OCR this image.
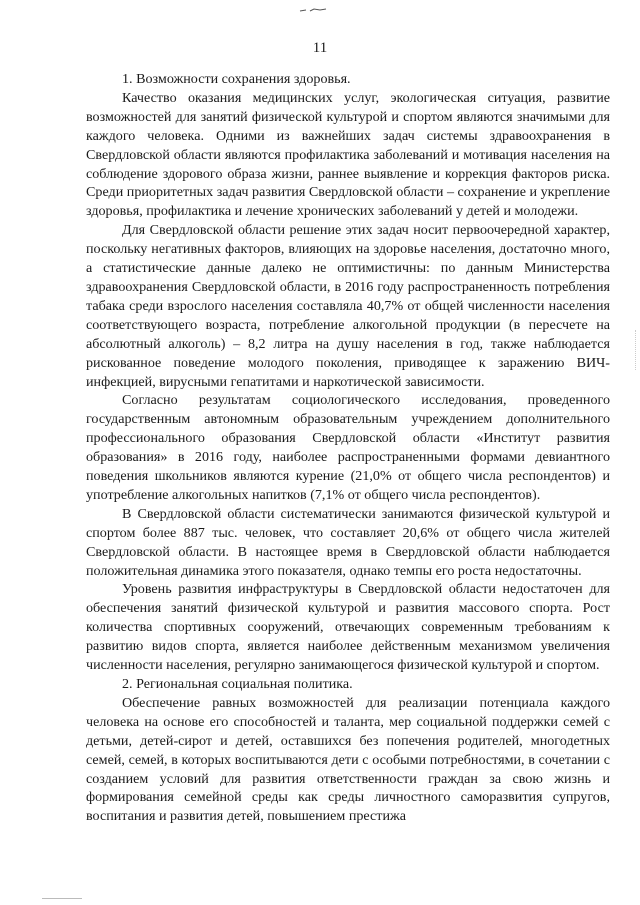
11

1. Возможности сохранения здоровья.

Качество оказания медицинских услуг, экологическая ситуация, развитие возможностей для занятий физической культурой и спортом являются значимыми для каждого человека. Одними из важнейших задач системы здравоохранения в Свердловской области являются профилактика заболеваний и мотивация населения на соблюдение здорового образа жизни, раннее выявление и коррекция факторов риска. Среди приоритетных задач развития Свердловской области – сохранение и укрепление здоровья, профилактика и лечение хронических заболеваний у детей и молодежи.

Для Свердловской области решение этих задач носит первоочередной характер, поскольку негативных факторов, влияющих на здоровье населения, достаточно много, а статистические данные далеко не оптимистичны: по данным Министерства здравоохранения Свердловской области, в 2016 году распространенность потребления табака среди взрослого населения составляла 40,7% от общей численности населения соответствующего возраста, потребление алкогольной продукции (в пересчете на абсолютный алкоголь) – 8,2 литра на душу населения в год, также наблюдается рискованное поведение молодого поколения, приводящее к заражению ВИЧ-инфекцией, вирусными гепатитами и наркотической зависимости.

Согласно результатам социологического исследования, проведенного государственным автономным образовательным учреждением дополнительного профессионального образования Свердловской области «Институт развития образования» в 2016 году, наиболее распространенными формами девиантного поведения школьников являются курение (21,0% от общего числа респондентов) и употребление алкогольных напитков (7,1% от общего числа респондентов).

В Свердловской области систематически занимаются физической культурой и спортом более 887 тыс. человек, что составляет 20,6% от общего числа жителей Свердловской области. В настоящее время в Свердловской области наблюдается положительная динамика этого показателя, однако темпы его роста недостаточны.

Уровень развития инфраструктуры в Свердловской области недостаточен для обеспечения занятий физической культурой и развития массового спорта. Рост количества спортивных сооружений, отвечающих современным требованиям к развитию видов спорта, является наиболее действенным механизмом увеличения численности населения, регулярно занимающегося физической культурой и спортом.

2. Региональная социальная политика.

Обеспечение равных возможностей для реализации потенциала каждого человека на основе его способностей и таланта, мер социальной поддержки семей с детьми, детей-сирот и детей, оставшихся без попечения родителей, многодетных семей, семей, в которых воспитываются дети с особыми потребностями, в сочетании с созданием условий для развития ответственности граждан за свою жизнь и формирования семейной среды как среды личностного саморазвития супругов, воспитания и развития детей, повышением престижа
